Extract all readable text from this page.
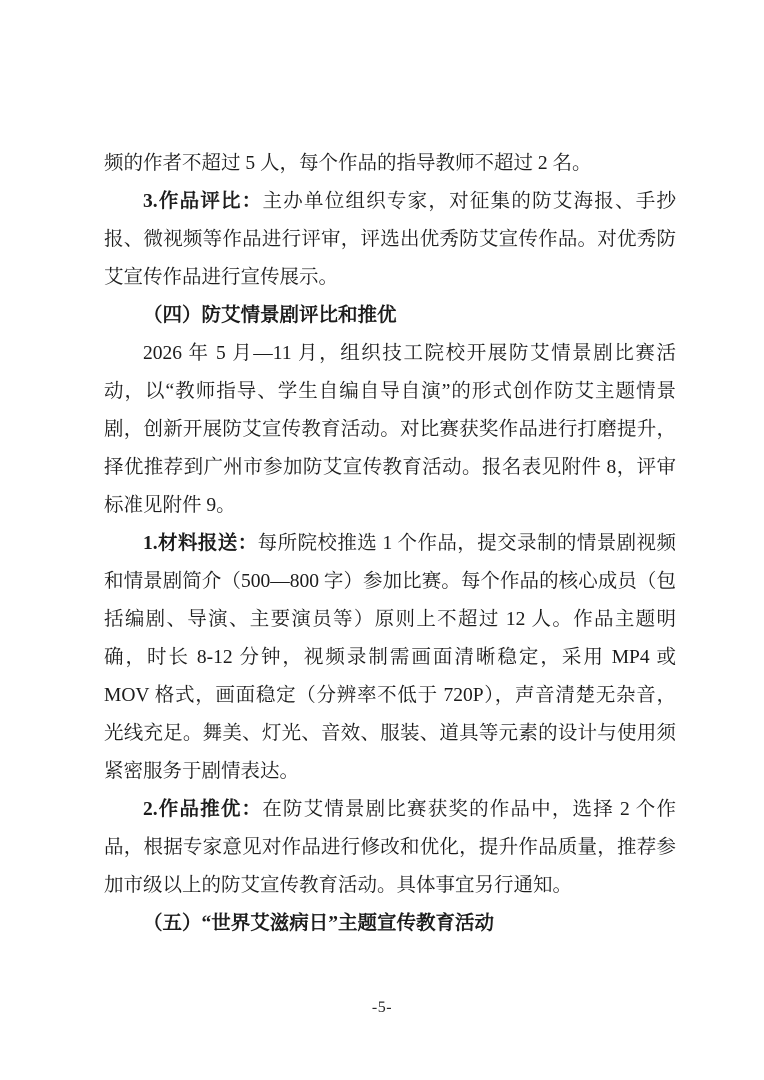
频的作者不超过 5 人，每个作品的指导教师不超过 2 名。

3.作品评比：主办单位组织专家，对征集的防艾海报、手抄报、微视频等作品进行评审，评选出优秀防艾宣传作品。对优秀防艾宣传作品进行宣传展示。

（四）防艾情景剧评比和推优

2026 年 5 月—11 月，组织技工院校开展防艾情景剧比赛活动，以“教师指导、学生自编自导自演”的形式创作防艾主题情景剧，创新开展防艾宣传教育活动。对比赛获奖作品进行打磨提升，择优推荐到广州市参加防艾宣传教育活动。报名表见附件 8，评审标准见附件 9。

1.材料报送：每所院校推选 1 个作品，提交录制的情景剧视频和情景剧简介（500—800 字）参加比赛。每个作品的核心成员（包括编剧、导演、主要演员等）原则上不超过 12 人。作品主题明确，时长 8-12 分钟，视频录制需画面清晰稳定，采用 MP4 或 MOV 格式，画面稳定（分辨率不低于 720P），声音清楚无杂音，光线充足。舞美、灯光、音效、服装、道具等元素的设计与使用须紧密服务于剧情表达。

2.作品推优：在防艾情景剧比赛获奖的作品中，选择 2 个作品，根据专家意见对作品进行修改和优化，提升作品质量，推荐参加市级以上的防艾宣传教育活动。具体事宜另行通知。

（五）“世界艾滋病日”主题宣传教育活动

-5-
